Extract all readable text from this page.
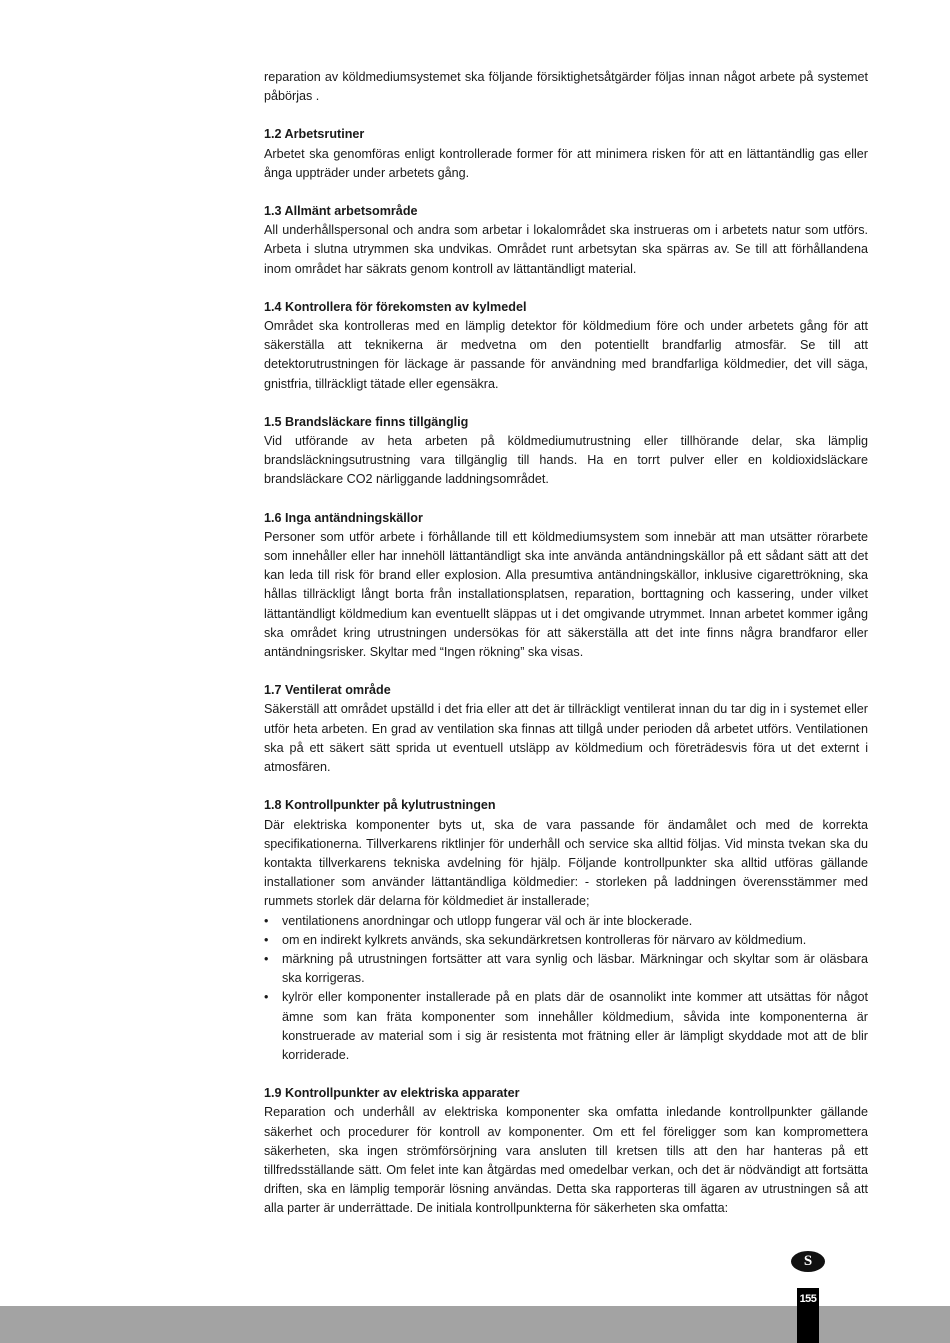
reparation av köldmediumsystemet ska följande försiktighetsåtgärder följas innan något arbete på systemet påbörjas .

1.2 Arbetsrutiner

Arbetet ska genomföras enligt kontrollerade former för att minimera risken för att en lättantändlig gas eller ånga uppträder under arbetets gång.

1.3 Allmänt arbetsområde

All underhållspersonal och andra som arbetar i lokalområdet ska instrueras om i arbetets natur som utförs. Arbeta i slutna utrymmen ska undvikas. Området runt arbetsytan ska spärras av. Se till att förhållandena inom området har säkrats genom kontroll av lättantändligt material.

1.4 Kontrollera för förekomsten av kylmedel

Området ska kontrolleras med en lämplig detektor för köldmedium före och under arbetets gång för att säkerställa att teknikerna är medvetna om den potentiellt brandfarlig atmosfär. Se till att detektorutrustningen för läckage är passande för användning med brandfarliga köldmedier, det vill säga, gnistfria, tillräckligt tätade eller egensäkra.

1.5 Brandsläckare finns tillgänglig

Vid utförande av heta arbeten på köldmediumutrustning eller tillhörande delar, ska lämplig brandsläckningsutrustning vara tillgänglig till hands. Ha en torrt pulver eller en koldioxidsläckare brandsläckare CO2 närliggande laddningsområdet.

1.6 Inga antändningskällor

Personer som utför arbete i förhållande till ett köldmediumsystem som innebär att man utsätter rörarbete som innehåller eller har innehöll lättantändligt ska inte använda antändningskällor på ett sådant sätt att det kan leda till risk för brand eller explosion. Alla presumtiva antändningskällor, inklusive cigarettrökning, ska hållas tillräckligt långt borta från installationsplatsen, reparation, borttagning och kassering, under vilket lättantändligt köldmedium kan eventuellt släppas ut i det omgivande utrymmet. Innan arbetet kommer igång ska området kring utrustningen undersökas för att säkerställa att det inte finns några brandfaror eller antändningsrisker. Skyltar med “Ingen rökning” ska visas.

1.7 Ventilerat område

Säkerställ att området upställd i det fria eller att det är tillräckligt ventilerat innan du tar dig in i systemet eller utför heta arbeten. En grad av ventilation ska finnas att tillgå under perioden då arbetet utförs. Ventilationen ska på ett säkert sätt sprida ut eventuell utsläpp av köldmedium och företrädesvis föra ut det externt i atmosfären.

1.8 Kontrollpunkter på kylutrustningen

Där elektriska komponenter byts ut, ska de vara passande för ändamålet och med de korrekta specifikationerna. Tillverkarens riktlinjer för underhåll och service ska alltid följas. Vid minsta tvekan ska du kontakta tillverkarens tekniska avdelning för hjälp. Följande kontrollpunkter ska alltid utföras gällande installationer som använder lättantändliga köldmedier: - storleken på laddningen överensstämmer med rummets storlek där delarna för köldmediet är installerade;

• ventilationens anordningar och utlopp fungerar väl och är inte blockerade.
• om en indirekt kylkrets används, ska sekundärkretsen kontrolleras för närvaro av köldmedium.
• märkning på utrustningen fortsätter att vara synlig och läsbar. Märkningar och skyltar som är oläsbara ska korrigeras.
• kylrör eller komponenter installerade på en plats där de osannolikt inte kommer att utsättas för något ämne som kan fräta komponenter som innehåller köldmedium, såvida inte komponenterna är konstruerade av material som i sig är resistenta mot frätning eller är lämpligt skyddade mot att de blir korriderade.

1.9 Kontrollpunkter av elektriska apparater

Reparation och underhåll av elektriska komponenter ska omfatta inledande kontrollpunkter gällande säkerhet och procedurer för kontroll av komponenter. Om ett fel föreligger som kan kompromettera säkerheten, ska ingen strömförsörjning vara ansluten till kretsen tills att den har hanteras på ett tillfredsställande sätt. Om felet inte kan åtgärdas med omedelbar verkan, och det är nödvändigt att fortsätta driften, ska en lämplig temporär lösning användas. Detta ska rapporteras till ägaren av utrustningen så att alla parter är underrättade. De initiala kontrollpunkterna för säkerheten ska omfatta:

S
155
